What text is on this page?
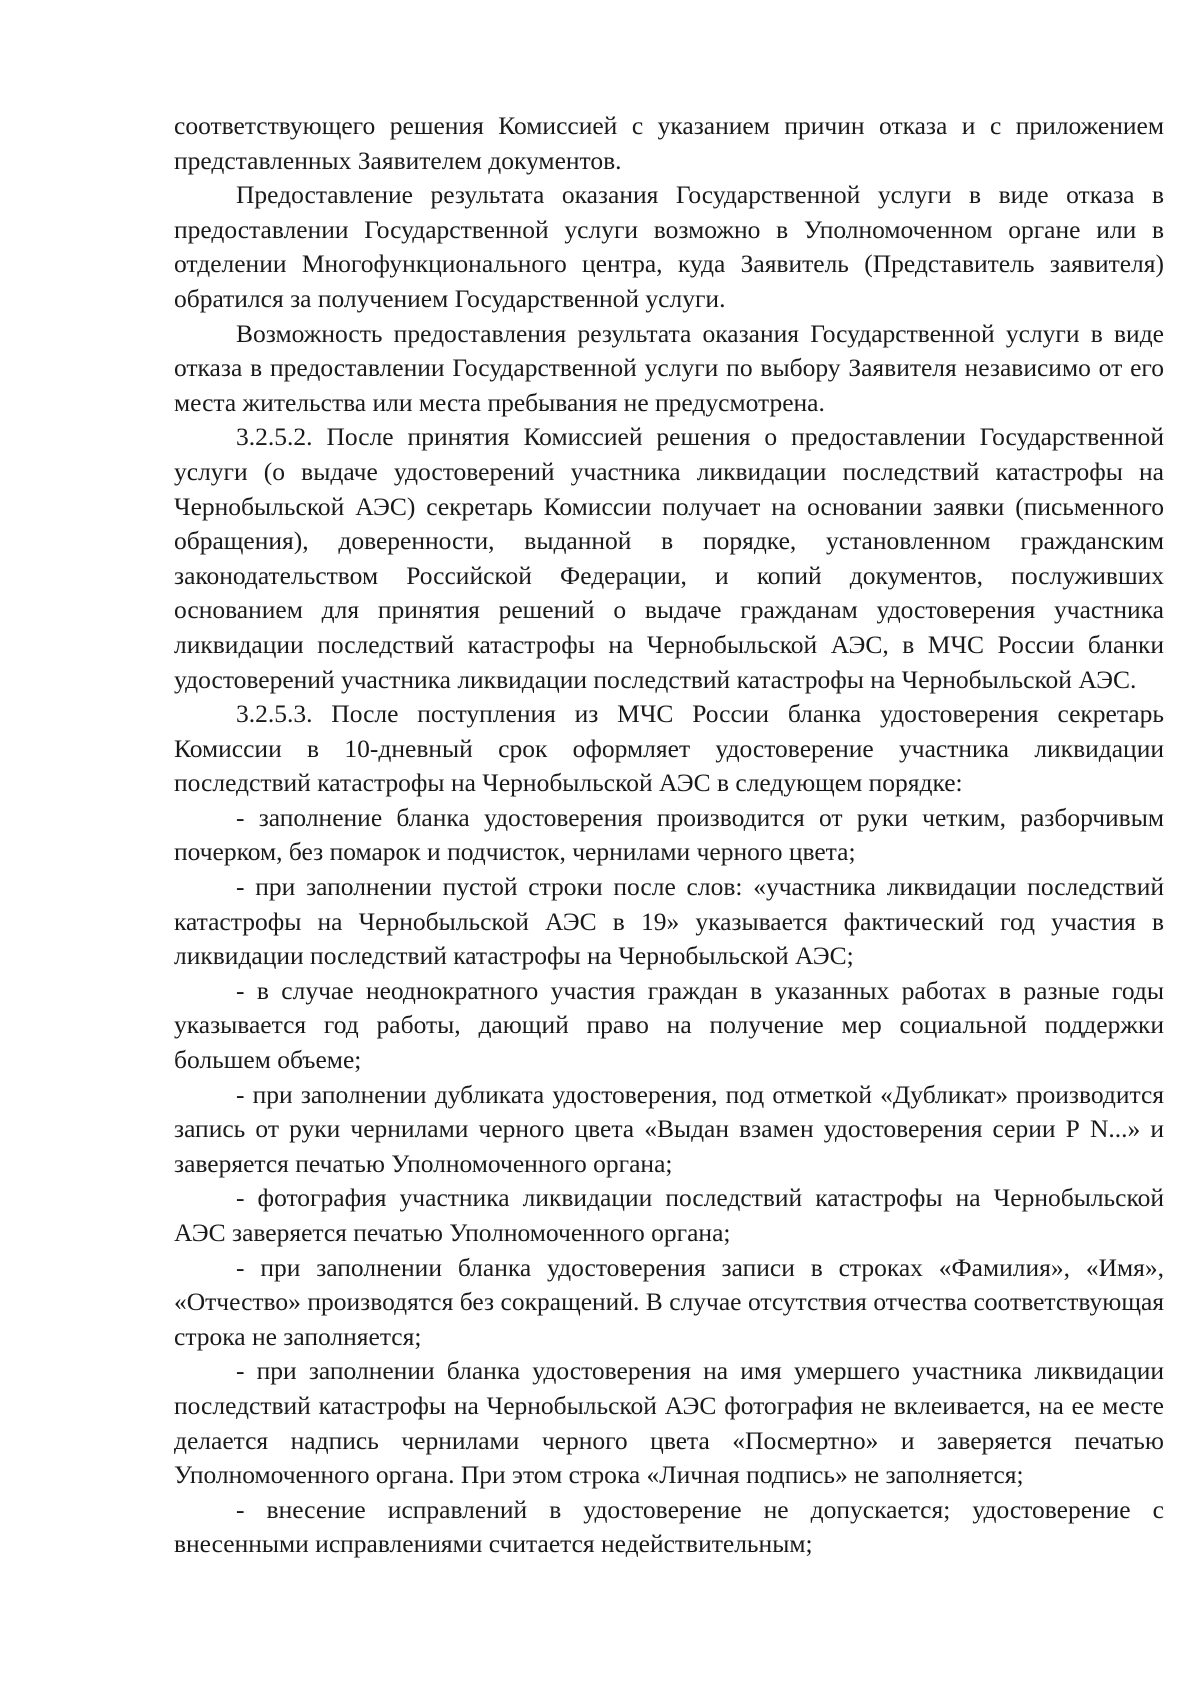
соответствующего решения Комиссией с указанием причин отказа и с приложением представленных Заявителем документов.

Предоставление результата оказания Государственной услуги в виде отказа в предоставлении Государственной услуги возможно в Уполномоченном органе или в отделении Многофункционального центра, куда Заявитель (Представитель заявителя) обратился за получением Государственной услуги.

Возможность предоставления результата оказания Государственной услуги в виде отказа в предоставлении Государственной услуги по выбору Заявителя независимо от его места жительства или места пребывания не предусмотрена.

3.2.5.2. После принятия Комиссией решения о предоставлении Государственной услуги (о выдаче удостоверений участника ликвидации последствий катастрофы на Чернобыльской АЭС) секретарь Комиссии получает на основании заявки (письменного обращения), доверенности, выданной в порядке, установленном гражданским законодательством Российской Федерации, и копий документов, послуживших основанием для принятия решений о выдаче гражданам удостоверения участника ликвидации последствий катастрофы на Чернобыльской АЭС, в МЧС России бланки удостоверений участника ликвидации последствий катастрофы на Чернобыльской АЭС.

3.2.5.3. После поступления из МЧС России бланка удостоверения секретарь Комиссии в 10-дневный срок оформляет удостоверение участника ликвидации последствий катастрофы на Чернобыльской АЭС в следующем порядке:

- заполнение бланка удостоверения производится от руки четким, разборчивым почерком, без помарок и подчисток, чернилами черного цвета;

- при заполнении пустой строки после слов: «участника ликвидации последствий катастрофы на Чернобыльской АЭС в 19» указывается фактический год участия в ликвидации последствий катастрофы на Чернобыльской АЭС;

- в случае неоднократного участия граждан в указанных работах в разные годы указывается год работы, дающий право на получение мер социальной поддержки большем объеме;

- при заполнении дубликата удостоверения, под отметкой «Дубликат» производится запись от руки чернилами черного цвета «Выдан взамен удостоверения серии Р N...» и заверяется печатью Уполномоченного органа;

- фотография участника ликвидации последствий катастрофы на Чернобыльской АЭС заверяется печатью Уполномоченного органа;

- при заполнении бланка удостоверения записи в строках «Фамилия», «Имя», «Отчество» производятся без сокращений. В случае отсутствия отчества соответствующая строка не заполняется;

- при заполнении бланка удостоверения на имя умершего участника ликвидации последствий катастрофы на Чернобыльской АЭС фотография не вклеивается, на ее месте делается надпись чернилами черного цвета «Посмертно» и заверяется печатью Уполномоченного органа. При этом строка «Личная подпись» не заполняется;

- внесение исправлений в удостоверение не допускается; удостоверение с внесенными исправлениями считается недействительным;
